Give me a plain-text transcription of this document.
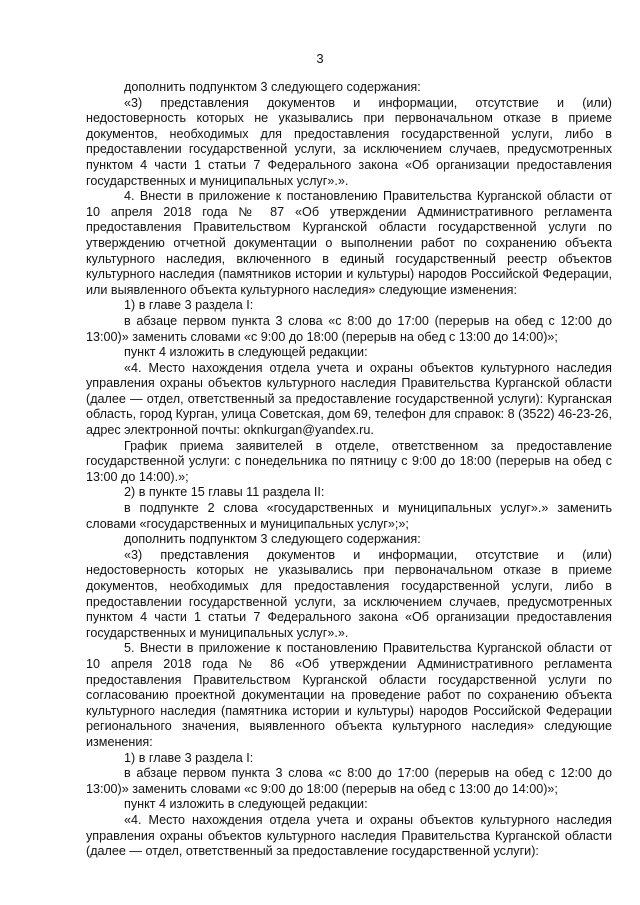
3

дополнить подпунктом 3 следующего содержания:

«3) представления документов и информации, отсутствие и (или) недостоверность которых не указывались при первоначальном отказе в приеме документов, необходимых для предоставления государственной услуги, либо в предоставлении государственной услуги, за исключением случаев, предусмотренных пунктом 4 части 1 статьи 7 Федерального закона «Об организации предоставления государственных и муниципальных услуг».».

4. Внести в приложение к постановлению Правительства Курганской области от 10 апреля 2018 года № 87 «Об утверждении Административного регламента предоставления Правительством Курганской области государственной услуги по утверждению отчетной документации о выполнении работ по сохранению объекта культурного наследия, включенного в единый государственный реестр объектов культурного наследия (памятников истории и культуры) народов Российской Федерации, или выявленного объекта культурного наследия» следующие изменения:

1) в главе 3 раздела I:

в абзаце первом пункта 3 слова «с 8:00 до 17:00 (перерыв на обед с 12:00 до 13:00)» заменить словами «с 9:00 до 18:00 (перерыв на обед с 13:00 до 14:00)»;

пункт 4 изложить в следующей редакции:

«4. Место нахождения отдела учета и охраны объектов культурного наследия управления охраны объектов культурного наследия Правительства Курганской области (далее — отдел, ответственный за предоставление государственной услуги): Курганская область, город Курган, улица Советская, дом 69, телефон для справок: 8 (3522) 46-23-26, адрес электронной почты: oknkurgan@yandex.ru.

График приема заявителей в отделе, ответственном за предоставление государственной услуги: с понедельника по пятницу с 9:00 до 18:00 (перерыв на обед с 13:00 до 14:00).»;

2) в пункте 15 главы 11 раздела II:

в подпункте 2 слова «государственных и муниципальных услуг».» заменить словами «государственных и муниципальных услуг»;»;

дополнить подпунктом 3 следующего содержания:

«3) представления документов и информации, отсутствие и (или) недостоверность которых не указывались при первоначальном отказе в приеме документов, необходимых для предоставления государственной услуги, либо в предоставлении государственной услуги, за исключением случаев, предусмотренных пунктом 4 части 1 статьи 7 Федерального закона «Об организации предоставления государственных и муниципальных услуг».».

5. Внести в приложение к постановлению Правительства Курганской области от 10 апреля 2018 года № 86 «Об утверждении Административного регламента предоставления Правительством Курганской области государственной услуги по согласованию проектной документации на проведение работ по сохранению объекта культурного наследия (памятника истории и культуры) народов Российской Федерации регионального значения, выявленного объекта культурного наследия» следующие изменения:

1) в главе 3 раздела I:

в абзаце первом пункта 3 слова «с 8:00 до 17:00 (перерыв на обед с 12:00 до 13:00)» заменить словами «с 9:00 до 18:00 (перерыв на обед с 13:00 до 14:00)»;

пункт 4 изложить в следующей редакции:

«4. Место нахождения отдела учета и охраны объектов культурного наследия управления охраны объектов культурного наследия Правительства Курганской области (далее — отдел, ответственный за предоставление государственной услуги):
